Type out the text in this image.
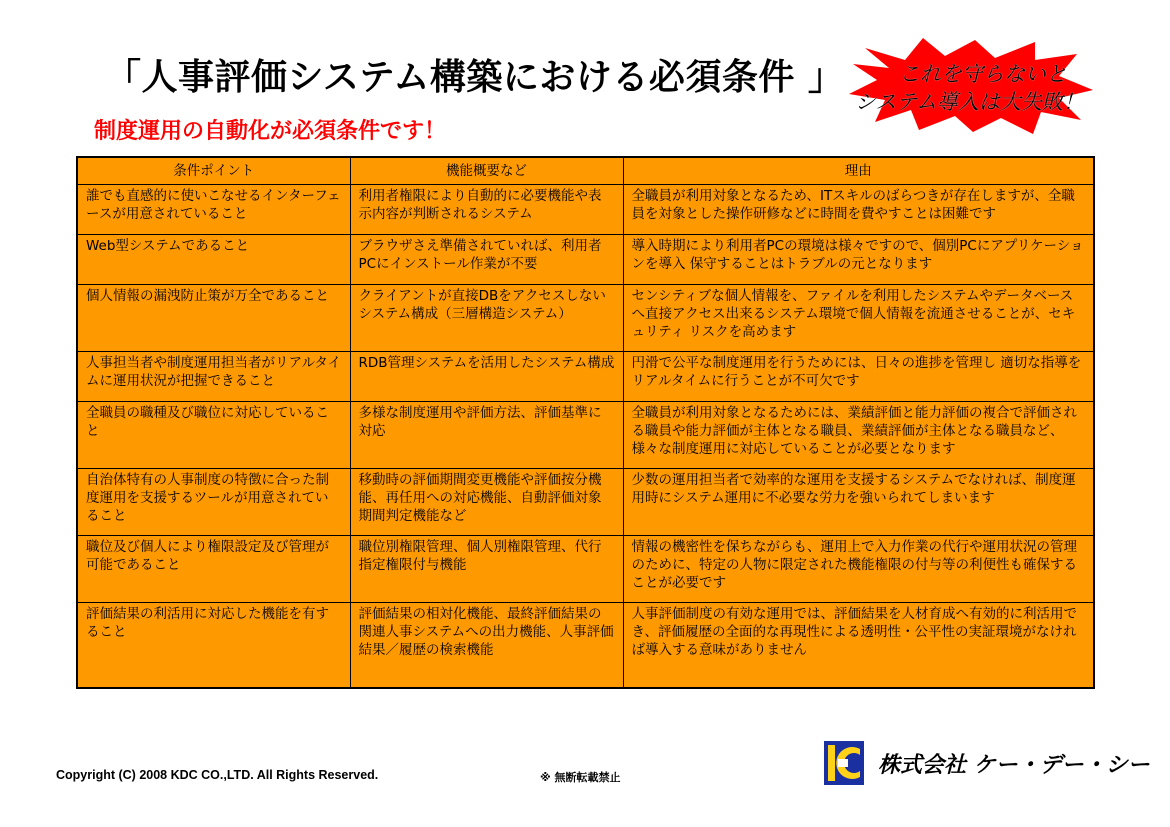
「人事評価システム構築における必須条件 」
制度運用の自動化が必須条件です！
これを守らないと
システム導入は大失敗！
条件ポイント	機能概要など	理由
誰でも直感的に使いこなせるインターフェースが用意されていること	利用者権限により自動的に必要機能や表示内容が判断されるシステム	全職員が利用対象となるため、ITスキルのばらつきが存在しますが、全職員を対象とした操作研修などに時間を費やすことは困難です
Web型システムであること	ブラウザさえ準備されていれば、利用者PCにインストール作業が不要	導入時期により利用者PCの環境は様々ですので、個別PCにアプリケーションを導入 保守することはトラブルの元となります
個人情報の漏洩防止策が万全であること	クライアントが直接DBをアクセスしないシステム構成（三層構造システム）	センシティブな個人情報を、ファイルを利用したシステムやデータベースへ直接アクセス出来るシステム環境で個人情報を流通させることが、セキュリティ リスクを高めます
人事担当者や制度運用担当者がリアルタイムに運用状況が把握できること	RDB管理システムを活用したシステム構成	円滑で公平な制度運用を行うためには、日々の進捗を管理し 適切な指導をリアルタイムに行うことが不可欠です
全職員の職種及び職位に対応していること	多様な制度運用や評価方法、評価基準に対応	全職員が利用対象となるためには、業績評価と能力評価の複合で評価される職員や能力評価が主体となる職員、業績評価が主体となる職員など、様々な制度運用に対応していることが必要となります
自治体特有の人事制度の特徴に合った制度運用を支援するツールが用意されていること	移動時の評価期間変更機能や評価按分機能、再任用への対応機能、自動評価対象期間判定機能など	少数の運用担当者で効率的な運用を支援するシステムでなければ、制度運用時にシステム運用に不必要な労力を強いられてしまいます
職位及び個人により権限設定及び管理が可能であること	職位別権限管理、個人別権限管理、代行指定権限付与機能	情報の機密性を保ちながらも、運用上で入力作業の代行や運用状況の管理のために、特定の人物に限定された機能権限の付与等の利便性も確保することが必要です
評価結果の利活用に対応した機能を有すること	評価結果の相対化機能、最終評価結果の関連人事システムへの出力機能、人事評価結果／履歴の検索機能	人事評価制度の有効な運用では、評価結果を人材育成へ有効的に利活用でき、評価履歴の全面的な再現性による透明性・公平性の実証環境がなければ導入する意味がありません
Copyright (C) 2008 KDC CO.,LTD. All Rights Reserved.	※ 無断転載禁止	株式会社 ケー・デー・シー
